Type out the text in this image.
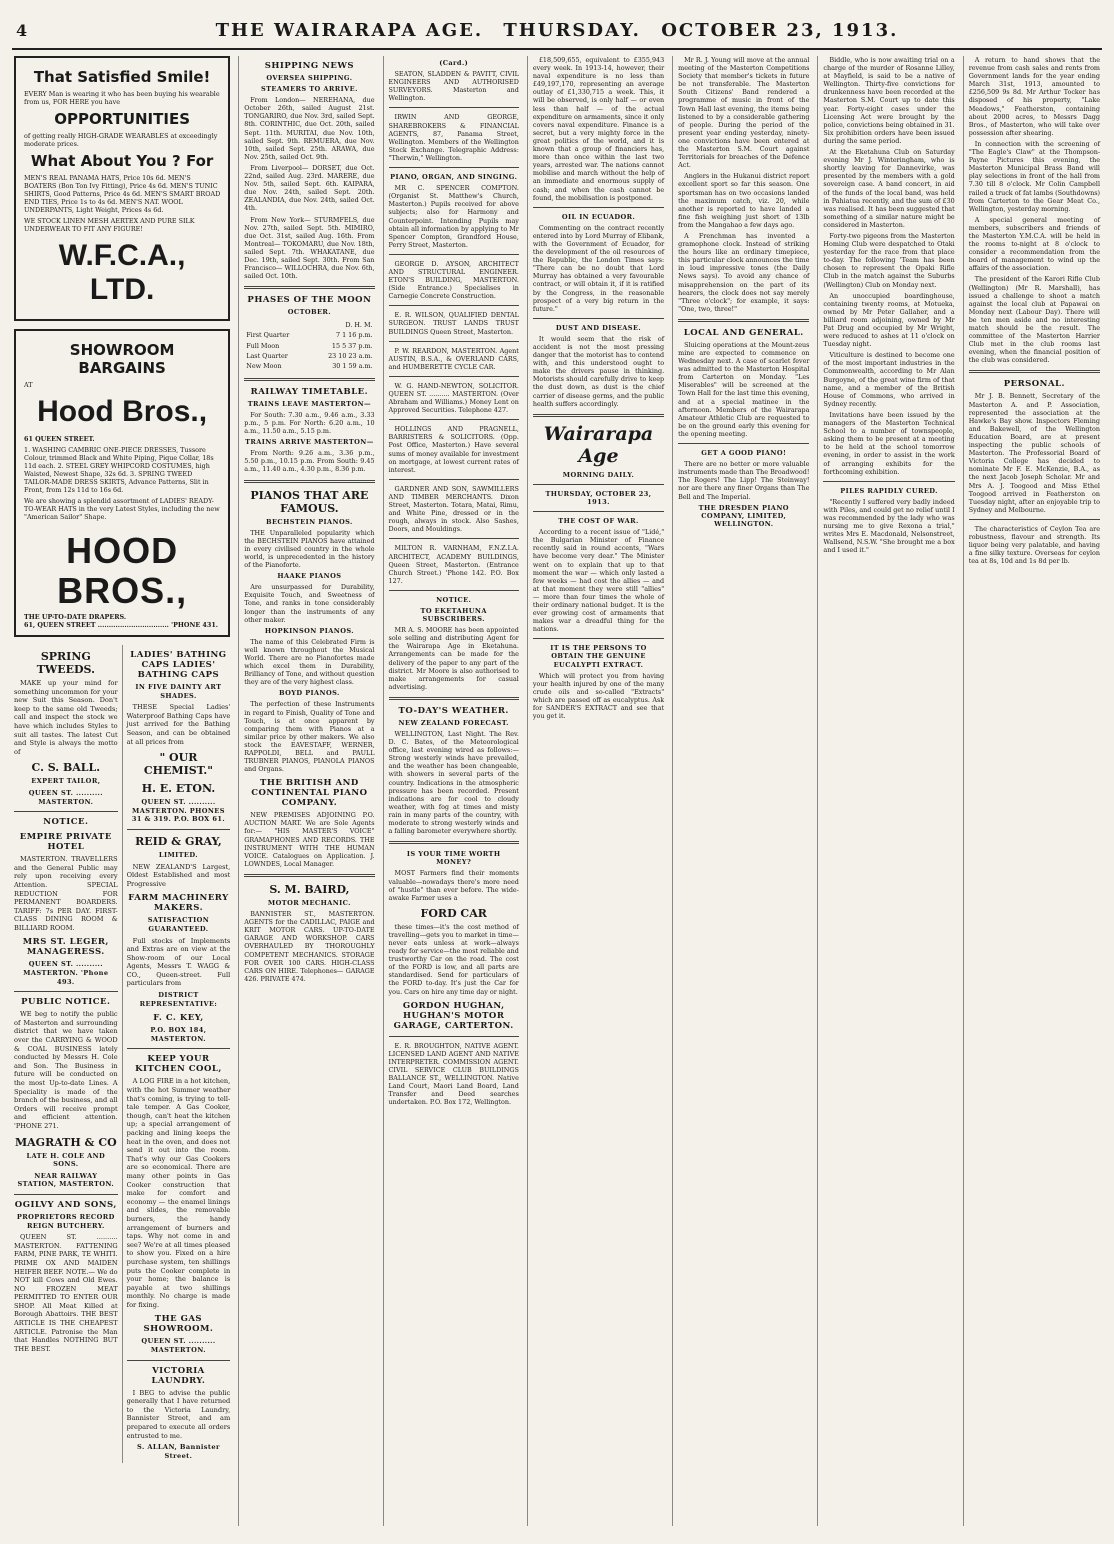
4	THE WAIRARAPA AGE. THURSDAY. OCTOBER 23, 1913.
That Satisfied Smile!
EVERY Man is wearing it who has been buying his wearable from us, FOR HERE you have
OPPORTUNITIES
of getting really HIGH-GRADE WEARABLES at exceedingly moderate prices.
What About You ? For
MEN'S REAL PANAMA HATS, Price 10s 6d. MEN'S BOATERS (Bon Ton Ivy Fitting), Price 4s 6d. MEN'S TUNIC SHIRTS, Good Patterns, Price 4s 6d. MEN'S SMART BROAD END TIES, Price 1s to 4s 6d. MEN'S NAT. WOOL UNDERPANTS, Light Weight, Prices 4s 6d.
WE STOCK LINEN MESH AERTEX AND PURE SILK UNDERWEAR TO FIT ANY FIGURE!
W.F.C.A., LTD.
SHOWROOM BARGAINS
AT
Hood Bros.,
61 QUEEN STREET.
1. WASHING CAMBRIC ONE-PIECE DRESSES, Tussore Colour, trimmed Black and White Piping, Pique Collar, 18s 11d each. 2. STEEL GREY WHIPCORD COSTUMES, high Waisted, Newest Shape, 32s 6d. 3. SPRING TWEED TAILOR-MADE DRESS SKIRTS, Advance Patterns, Slit in Front, from 12s 11d to 16s 6d.
We are showing a splendid assortment of LADIES' READY-TO-WEAR HATS in the very Latest Styles, including the new "American Sailor" Shape.
HOOD BROS.,
THE UP-TO-DATE DRAPERS.
61, QUEEN STREET ................................ 'PHONE 431.
SPRING TWEEDS.

MAKE up your mind for something uncommon for your new Suit this Season. Don't keep to the same old Tweeds; call and inspect the stock we have which includes Styles to suit all tastes. The latest Cut and Style is always the motto of

C. S. BALL.
EXPERT TAILOR,
QUEEN ST. .......... MASTERTON.
NOTICE.
EMPIRE PRIVATE HOTEL

MASTERTON. TRAVELLERS and the General Public may rely upon receiving every Attention. SPECIAL REDUCTION FOR PERMANENT BOARDERS. TARIFF: 7s PER DAY. FIRST-CLASS DINING ROOM & BILLIARD ROOM.

MRS ST. LEGER, MANAGERESS.
QUEEN ST. .......... MASTERTON. 'Phone 493.
PUBLIC NOTICE.

WE beg to notify the public of Masterton and surrounding district that we have taken over the CARRYING & WOOD & COAL BUSINESS lately conducted by Messrs H. Cole and Son. The Business in future will be conducted on the most Up-to-date Lines. A Speciality is made of the branch of the business, and all Orders will receive prompt and efficient attention. 'PHONE 271.

MAGRATH & CO
LATE H. COLE AND SONS.
NEAR RAILWAY STATION, MASTERTON.
OGILVY AND SONS,
PROPRIETORS RECORD REIGN BUTCHERY.

QUEEN ST. .......... MASTERTON. FATTENING FARM, PINE PARK, TE WHITI. PRIME OX AND MAIDEN HEIFER BEEF. NOTE.— We do NOT kill Cows and Old Ewes. NO FROZEN MEAT PERMITTED TO ENTER OUR SHOP. All Meat Killed at Borough Abattoirs. THE BEST ARTICLE IS THE CHEAPEST ARTICLE. Patronise the Man that Handles NOTHING BUT THE BEST.

LADIES' BATHING CAPS LADIES' BATHING CAPS
IN FIVE DAINTY ART SHADES.

THESE Special Ladies' Waterproof Bathing Caps have just arrived for the Bathing Season, and can be obtained at all prices from

" OUR CHEMIST."
H. E. ETON.
QUEEN ST. .......... MASTERTON. PHONES 31 & 319. P.O. BOX 61.
REID & GRAY,
LIMITED.

NEW ZEALAND'S Largest, Oldest Established and most Progressive

FARM MACHINERY MAKERS.
SATISFACTION GUARANTEED.

Full stocks of Implements and Extras are on view at the Show-room of our Local Agents, Messrs T. WAGG & CO., Queen-street. Full particulars from

DISTRICT REPRESENTATIVE:
F. C. KEY,
P.O. BOX 184, MASTERTON.
KEEP YOUR KITCHEN COOL,

A LOG FIRE in a hot kitchen, with the hot Summer weather that's coming, is trying to tell-tale temper. A Gas Cooker, though, can't heat the kitchen up; a special arrangement of packing and lining keeps the heat in the oven, and does not send it out into the room. That's why our Gas Cookers are so economical. There are many other points in Gas Cooker construction that make for comfort and economy — the enamel linings and slides, the removable burners, the handy arrangement of burners and taps. Why not come in and see? We're at all times pleased to show you. Fixed on a hire purchase system, ten shillings puts the Cooker complete in your home; the balance is payable at two shillings monthly. No charge is made for fixing.

THE GAS SHOWROOM.
QUEEN ST. .......... MASTERTON.
VICTORIA LAUNDRY.

I BEG to advise the public generally that I have returned to the Victoria Laundry, Bannister Street, and am prepared to execute all orders entrusted to me.

S. ALLAN, Bannister Street.
SHIPPING NEWS
OVERSEA SHIPPING.
STEAMERS TO ARRIVE.

From London— NEREHANA, due October 26th, sailed August 21st. TONGARIRO, due Nov. 3rd, sailed Sept. 8th. CORINTHIC, due Oct. 20th, sailed Sept. 11th. MURITAI, due Nov. 10th, sailed Sept. 9th. REMUERA, due Nov. 10th, sailed Sept. 25th. ARAWA, due Nov. 25th, sailed Oct. 9th.

From Liverpool— DORSET, due Oct. 22nd, sailed Aug. 23rd. MARERE, due Nov. 5th, sailed Sept. 6th. KAIPARA, due Nov. 24th, sailed Sept. 20th. ZEALANDIA, due Nov. 24th, sailed Oct. 4th.

From New York— STURMFELS, due Nov. 27th, sailed Sept. 5th. MIMIRO, due Oct. 31st, sailed Aug. 16th. From Montreal— TOKOMARU, due Nov. 18th, sailed Sept. 7th. WHAKATANE, due Dec. 19th, sailed Sept. 30th. From San Francisco— WILLOCHRA, due Nov. 6th, sailed Oct. 10th.

PHASES OF THE MOON
OCTOBER.
	D. H. M.
First Quarter	7 1 16 p.m.
Full Moon	15 5 37 p.m.
Last Quarter	23 10 23 a.m.
New Moon	30 1 59 a.m.
RAILWAY TIMETABLE.
TRAINS LEAVE MASTERTON—

For South: 7.30 a.m., 9.46 a.m., 3.33 p.m., 5 p.m. For North: 6.20 a.m., 10 a.m., 11.50 a.m., 5.15 p.m.

TRAINS ARRIVE MASTERTON—

From North: 9.26 a.m., 3.36 p.m., 5.50 p.m., 10.15 p.m. From South: 9.45 a.m., 11.40 a.m., 4.30 p.m., 8.36 p.m.

PIANOS THAT ARE FAMOUS.
BECHSTEIN PIANOS.

THE Unparalleled popularity which the BECHSTEIN PIANOS have attained in every civilised country in the whole world, is unprecedented in the history of the Pianoforte.

HAAKE PIANOS

Are unsurpassed for Durability, Exquisite Touch, and Sweetness of Tone, and ranks in tone considerably longer than the instruments of any other maker.

HOPKINSON PIANOS.

The name of this Celebrated Firm is well known throughout the Musical World. There are no Pianofortes made which excel them in Durability, Brilliancy of Tone, and without question they are of the very highest class.

BOYD PIANOS.

The perfection of these Instruments in regard to Finish, Quality of Tone and Touch, is at once apparent by comparing them with Pianos at a similar price by other makers. We also stock the EAVESTAFF, WERNER, RAPPOLDI, BELL and PAULL TRUBNER PIANOS, PIANOLA PIANOS and Organs.

THE BRITISH AND CONTINENTAL PIANO COMPANY.

NEW PREMISES ADJOINING P.O. AUCTION MART. We are Sole Agents for:— "HIS MASTER'S VOICE" GRAMAPHONES AND RECORDS. THE INSTRUMENT WITH THE HUMAN VOICE. Catalogues on Application. J. LOWNDES, Local Manager.

S. M. BAIRD,
MOTOR MECHANIC.

BANNISTER ST., MASTERTON. AGENTS for the CADILLAC, PAIGE and KRIT MOTOR CARS. UP-TO-DATE GARAGE AND WORKSHOP. CARS OVERHAULED BY THOROUGHLY COMPETENT MECHANICS. STORAGE FOR OVER 100 CARS. HIGH-CLASS CARS ON HIRE. Telephones— GARAGE 426. PRIVATE 474.

(Card.)

SEATON, SLADDEN & PAVITT, CIVIL ENGINEERS AND AUTHORISED SURVEYORS. Masterton and Wellington.

IRWIN AND GEORGE, SHAREBROKERS & FINANCIAL AGENTS, 87, Panama Street, Wellington. Members of the Wellington Stock Exchange. Telegraphic Address: "Therwin," Wellington.

PIANO, ORGAN, AND SINGING.

MR C. SPENCER COMPTON. (Organist St. Matthew's Church, Masterton.) Pupils received for above subjects; also for Harmony and Counterpoint. Intending Pupils may obtain all information by applying to Mr Spencer Compton, Grandford House, Perry Street, Masterton.

GEORGE D. AYSON, ARCHITECT AND STRUCTURAL ENGINEER. ETON'S BUILDING, MASTERTON. (Side Entrance.) Specialises in Carnegie Concrete Construction.

E. R. WILSON, QUALIFIED DENTAL SURGEON. TRUST LANDS TRUST BUILDINGS Queen Street, Masterton.

P. W. REARDON, MASTERTON. Agent AUSTIN, B.S.A., & OVERLAND CARS, and HUMBERETTE CYCLE CAR.

W. G. HAND-NEWTON, SOLICITOR. QUEEN ST. .......... MASTERTON. (Over Abraham and Williams.) Money Lent on Approved Securities. Telephone 427.

HOLLINGS AND PRAGNELL, BARRISTERS & SOLICITORS. (Opp. Post Office, Masterton.) Have several sums of money available for investment on mortgage, at lowest current rates of interest.

GARDNER AND SON, SAWMILLERS AND TIMBER MERCHANTS. Dixon Street, Masterton. Totara, Matai, Rimu, and White Pine, dressed or in the rough, always in stock. Also Sashes, Doors, and Mouldings.

MILTON R. VARNHAM, F.N.Z.I.A. ARCHITECT, ACADEMY BUILDINGS, Queen Street, Masterton. (Entrance Church Street.) 'Phone 142. P.O. Box 127.

NOTICE.
TO EKETAHUNA SUBSCRIBERS.

MR A. S. MOORE has been appointed sole selling and distributing Agent for the Wairarapa Age in Eketahuna. Arrangements can be made for the delivery of the paper to any part of the district. Mr Moore is also authorised to make arrangements for casual advertising.

TO-DAY'S WEATHER.
NEW ZEALAND FORECAST.

WELLINGTON, Last Night. The Rev. D. C. Bates, of the Meteorological office, last evening wired as follows:— Strong westerly winds have prevailed, and the weather has been changeable, with showers in several parts of the country. Indications in the atmospheric pressure has been recorded. Present indications are for cool to cloudy weather, with fog at times and misty rain in many parts of the country, with moderate to strong westerly winds and a falling barometer everywhere shortly.

IS YOUR TIME WORTH MONEY?

MOST Farmers find their moments valuable—nowadays there's more need of "hustle" than ever before. The wide-awake Farmer uses a

FORD CAR

these times—it's the cost method of travelling—gets you to market in time—never eats unless at work—always ready for service—the most reliable and trustworthy Car on the road. The cost of the FORD is low, and all parts are standardised. Send for particulars of the FORD to-day. It's just the Car for you. Cars on hire any time day or night.

GORDON HUGHAN, HUGHAN'S MOTOR GARAGE, CARTERTON.

E. R. BROUGHTON, NATIVE AGENT. LICENSED LAND AGENT AND NATIVE INTERPRETER. COMMISSION AGENT. CIVIL SERVICE CLUB BUILDINGS BALLANCE ST., WELLINGTON. Native Land Court, Maori Land Board, Land Transfer and Deed searches undertaken. P.O. Box 172, Wellington.

£18,509,655, equivalent to £355,943 every week. In 1913-14, however, their naval expenditure is no less than £49,197,170, representing an average outlay of £1,330,715 a week. This, it will be observed, is only half — or even less than half — of the actual expenditure on armaments, since it only covers naval expenditure. Finance is a secret, but a very mighty force in the great politics of the world, and it is known that a group of financiers has, more than once within the last two years, arrested war. The nations cannot mobilise and march without the help of an immediate and enormous supply of cash; and when the cash cannot be found, the mobilisation is postponed.

OIL IN ECUADOR.

Commenting on the contract recently entered into by Lord Murray of Elibank, with the Government of Ecuador, for the development of the oil resources of the Republic, the London Times says: "There can be no doubt that Lord Murray has obtained a very favourable contract, or will obtain it, if it is ratified by the Congress, in the reasonable prospect of a very big return in the future."

DUST AND DISEASE.

It would seem that the risk of accident is not the most pressing danger that the motorist has to contend with, and this understood ought to make the drivers pause in thinking. Motorists should carefully drive to keep the dust down, as dust is the chief carrier of disease germs, and the public health suffers accordingly.

Wairarapa Age
MORNING DAILY.
THURSDAY, OCTOBER 23, 1913.
THE COST OF WAR.

According to a recent issue of "Lidé," the Bulgarian Minister of Finance recently said in round accents, "Wars have become very dear." The Minister went on to explain that up to that moment the war — which only lasted a few weeks — had cost the allies — and at that moment they were still "allies" — more than four times the whole of their ordinary national budget. It is the ever growing cost of armaments that makes war a dreadful thing for the nations.

IT IS THE PERSONS TO OBTAIN THE GENUINE EUCALYPTI EXTRACT.

Which will protect you from having your health injured by one of the many crude oils and so-called "Extracts" which are passed off as eucalyptus. Ask for SANDER'S EXTRACT and see that you get it.

Mr R. J. Young will move at the annual meeting of the Masterton Competitions Society that member's tickets in future be not transferable. The Masterton South Citizens' Band rendered a programme of music in front of the Town Hall last evening, the items being listened to by a considerable gathering of people. During the period of the present year ending yesterday, ninety-one convictions have been entered at the Masterton S.M. Court against Territorials for breaches of the Defence Act.

Anglers in the Hukanui district report excellent sport so far this season. One sportsman has on two occasions landed the maximum catch, viz. 20, while another is reported to have landed a fine fish weighing just short of 13lb from the Mangahao a few days ago.

A Frenchman has invented a gramophone clock. Instead of striking the hours like an ordinary timepiece, this particular clock announces the time in loud impressive tones (the Daily News says). To avoid any chance of misapprehension on the part of its hearers, the clock does not say merely "Three o'clock"; for example, it says: "One, two, three!"

LOCAL AND GENERAL.

Sluicing operations at the Mount-zeus mine are expected to commence on Wednesday next. A case of scarlet fever was admitted to the Masterton Hospital from Carterton on Monday. "Les Miserables" will be screened at the Town Hall for the last time this evening, and at a special matinee in the afternoon. Members of the Wairarapa Amateur Athletic Club are requested to be on the ground early this evening for the opening meeting.

GET A GOOD PIANO!

There are no better or more valuable instruments made than The Broadwood! The Rogers! The Lipp! The Steinway! nor are there any finer Organs than The Bell and The Imperial.

THE DRESDEN PIANO COMPANY, LIMITED, WELLINGTON.

Biddle, who is now awaiting trial on a charge of the murder of Rosanne Lilley, at Mayfield, is said to be a native of Wellington. Thirty-five convictions for drunkenness have been recorded at the Masterton S.M. Court up to date this year. Forty-eight cases under the Licensing Act were brought by the police, convictions being obtained in 31. Six prohibition orders have been issued during the same period.

At the Eketahuna Club on Saturday evening Mr J. Winteringham, who is shortly leaving for Dannevirke, was presented by the members with a gold sovereign case. A band concert, in aid of the funds of the local band, was held in Pahiatua recently, and the sum of £30 was realised. It has been suggested that something of a similar nature might be considered in Masterton.

Forty-two pigeons from the Masterton Homing Club were despatched to Otaki yesterday for the race from that place to-day. The following 'Team has been chosen to represent the Opaki Rifle Club in the match against the Suburbs (Wellington) Club on Monday next.

An unoccupied boardinghouse, containing twenty rooms, at Motueka, owned by Mr Peter Gallaher, and a billiard room adjoining, owned by Mr Pat Drug and occupied by Mr Wright, were reduced to ashes at 11 o'clock on Tuesday night.

Viticulture is destined to become one of the most important industries in the Commonwealth, according to Mr Alan Burgoyne, of the great wine firm of that name, and a member of the British House of Commons, who arrived in Sydney recently.

Invitations have been issued by the managers of the Masterton Technical School to a number of townspeople, asking them to be present at a meeting to be held at the school tomorrow evening, in order to assist in the work of arranging exhibits for the forthcoming exhibition.

PILES RAPIDLY CURED.

"Recently I suffered very badly indeed with Piles, and could get no relief until I was recommended by the lady who was nursing me to give Rexona a trial," writes Mrs E. Macdonald, Nelsonstreet, Wallsend, N.S.W. "She brought me a box and I used it."

A return to hand shows that the revenue from cash sales and rents from Government lands for the year ending March 31st, 1913, amounted to £256,509 9s 8d. Mr Arthur Tocker has disposed of his property, "Lake Meadows," Featherston, containing about 2000 acres, to Messrs Dagg Bros., of Masterton, who will take over possession after shearing.

In connection with the screening of "The Eagle's Claw" at the Thompson-Payne Pictures this evening, the Masterton Municipal Brass Band will play selections in front of the hall from 7.30 till 8 o'clock. Mr Colin Campbell railed a truck of fat lambs (Southdowns) from Carterton to the Gear Meat Co., Wellington, yesterday morning.

A special general meeting of members, subscribers and friends of the Masterton Y.M.C.A. will be held in the rooms to-night at 8 o'clock to consider a recommendation from the board of management to wind up the affairs of the association.

The president of the Karori Rifle Club (Wellington) (Mr R. Marshall), has issued a challenge to shoot a match against the local club at Papawai on Monday next (Labour Day). There will be ten men aside and no interesting match should be the result. The committee of the Masterton Harrier Club met in the club rooms last evening, when the financial position of the club was considered.

PERSONAL.

Mr J. B. Bennett, Secretary of the Masterton A. and P. Association, represented the association at the Hawke's Bay show. Inspectors Fleming and Bakewell, of the Wellington Education Board, are at present inspecting the public schools of Masterton. The Professorial Board of Victoria College has decided to nominate Mr F. E. McKenzie, B.A., as the next Jacob Joseph Scholar. Mr and Mrs A. J. Toogood and Miss Ethel Toogood arrived in Featherston on Tuesday night, after an enjoyable trip to Sydney and Melbourne.

The characteristics of Ceylon Tea are robustness, flavour and strength. Its liquor being very palatable, and having a fine silky texture. Overseas for ceylon tea at 8s, 10d and 1s 8d per lb.
